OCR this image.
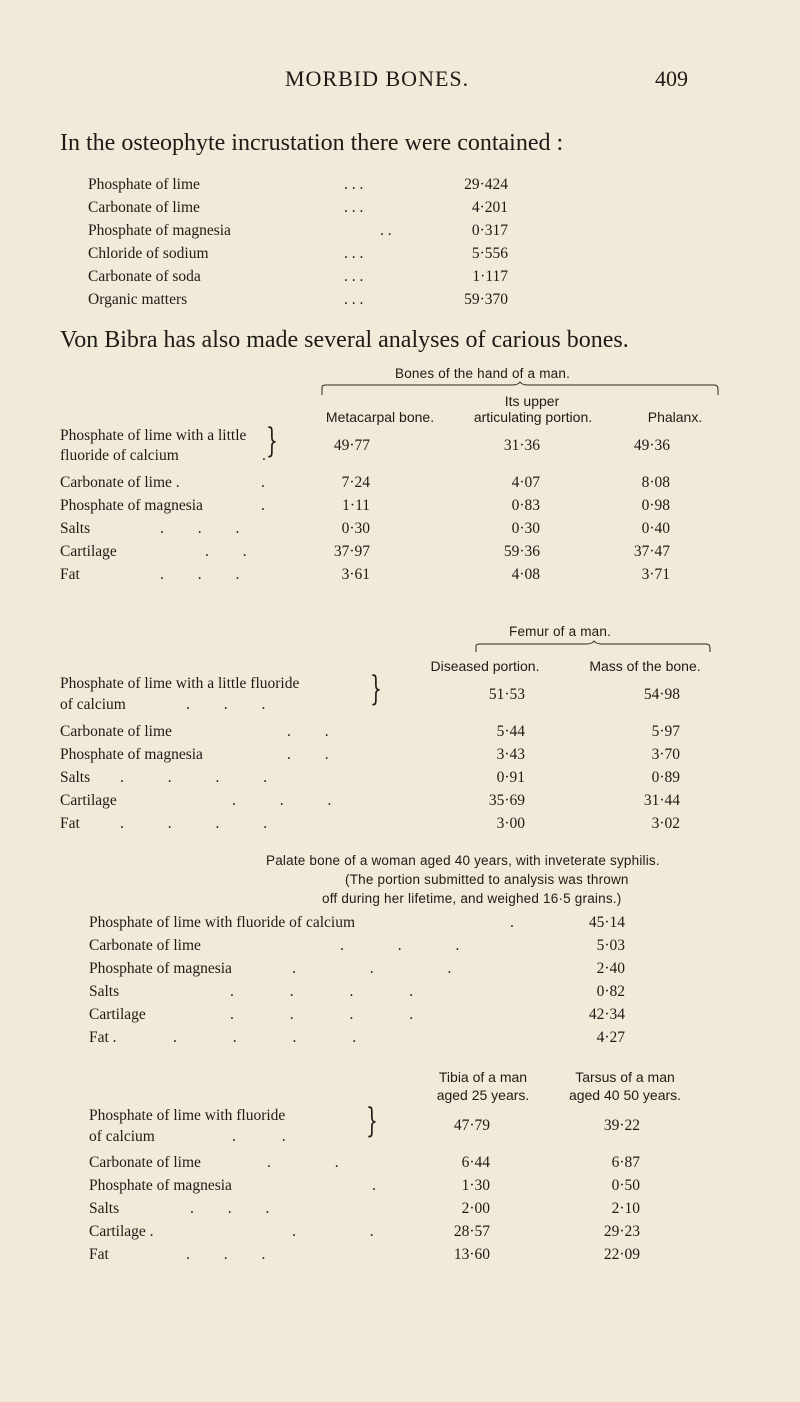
MORBID BONES.	409
In the osteophyte incrustation there were contained :
Phosphate of lime	. . .	29·424
Carbonate of lime	. . .	4·201
Phosphate of magnesia	. .	0·317
Chloride of sodium	. . .	5·556
Carbonate of soda	. . .	1·117
Organic matters	. . .	59·370
Von Bibra has also made several analyses of carious bones.
Bones of the hand of a man.
Its upper
Metacarpal bone.	articulating portion.	Phalanx.
Phosphate of lime with a little
fluoride of calcium	. }	49·77	31·36	49·36
Carbonate of lime .	.	7·24	4·07	8·08
Phosphate of magnesia	.	1·11	0·83	0·98
Salts	. . .	0·30	0·30	0·40
Cartilage	. .	37·97	59·36	37·47
Fat	. . .	3·61	4·08	3·71
Femur of a man.
Diseased portion.	Mass of the bone.
Phosphate of lime with a little fluoride
of calcium	. . .	}	51·53	54·98
Carbonate of lime	. .	5·44	5·97
Phosphate of magnesia	. .	3·43	3·70
Salts . . . .	0·91	0·89
Cartilage	. . .	35·69	31·44
Fat	. . . .	3·00	3·02
Palate bone of a woman aged 40 years, with inveterate syphilis.
(The portion submitted to analysis was thrown
off during her lifetime, and weighed 16·5 grains.)
Phosphate of lime with fluoride of calcium	.	45·14
Carbonate of lime	. . .	5·03
Phosphate of magnesia	. . .	2·40
Salts	. . . .	0·82
Cartilage	. . . .	42·34
Fat .	. . . .	4·27
Tibia of a man
aged 25 years.
Tarsus of a man
aged 40 50 years.
Phosphate of lime with fluoride
of calcium	. . }	47·79	39·22
Carbonate of lime	. .	6·44	6·87
Phosphate of magnesia	.	1·30	0·50
Salts	. . .	2·00	2·10
Cartilage .	. .	28·57	29·23
Fat	. . .	13·60	22·09
